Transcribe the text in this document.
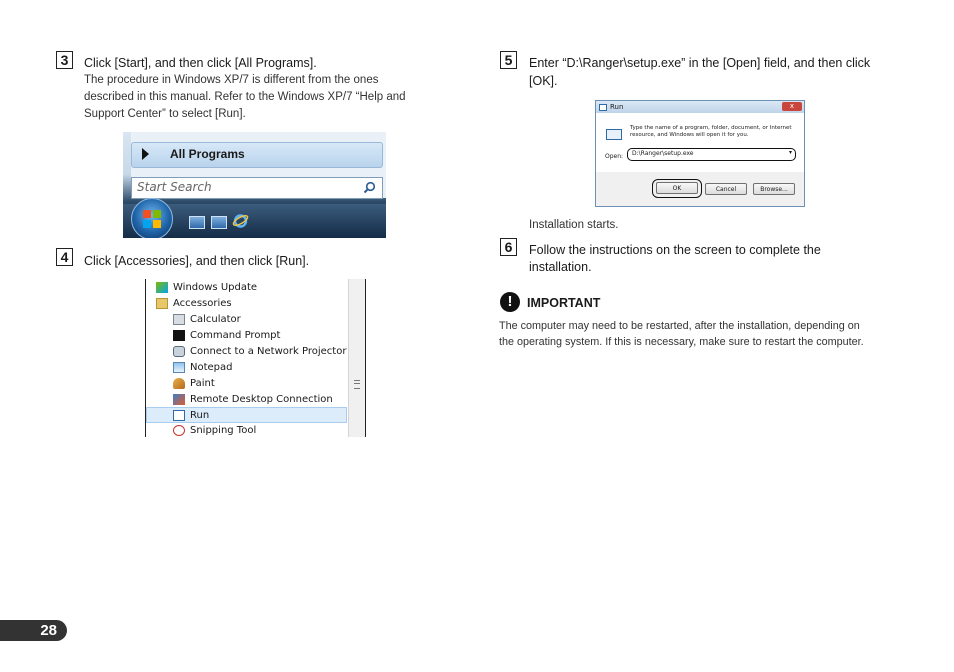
3	Click [Start], and then click [All Programs].
The procedure in Windows XP/7 is different from the ones
described in this manual. Refer to the Windows XP/7 “Help and
Support Center” to select [Run].
All Programs
Start Search
4	Click [Accessories], and then click [Run].
Windows Update
Accessories
Calculator
Command Prompt
Connect to a Network Projector
Notepad
Paint
Remote Desktop Connection
Run
Snipping Tool
5	Enter “D:\Ranger\setup.exe” in the [Open] field, and then click
[OK].
Run	x
Type the name of a program, folder, document, or Internet
resource, and Windows will open it for you.
Open: D:\Ranger\setup.exe	▾
OK	Cancel	Browse...
Installation starts.
6	Follow the instructions on the screen to complete the
installation.
!	IMPORTANT
The computer may need to be restarted, after the installation, depending on
the operating system. If this is necessary, make sure to restart the computer.
28
